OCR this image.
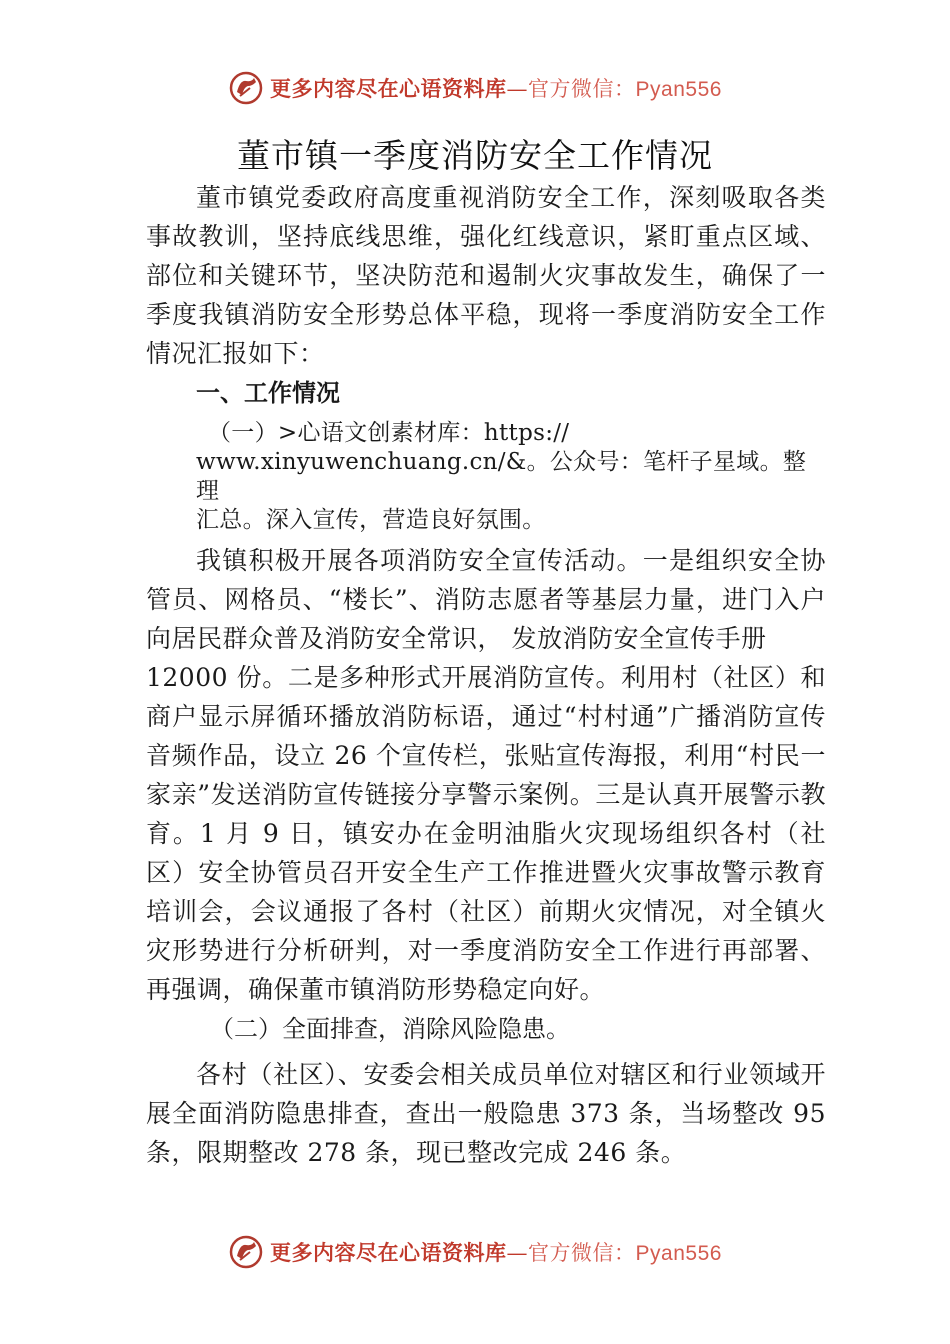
更多内容尽在心语资料库—官方微信：Pyan556
董市镇一季度消防安全工作情况

董市镇党委政府高度重视消防安全工作，深刻吸取各类事故教训，坚持底线思维，强化红线意识，紧盯重点区域、部位和关键环节，坚决防范和遏制火灾事故发生，确保了一季度我镇消防安全形势总体平稳，现将一季度消防安全工作情况汇报如下：

一、工作情况

（一）>心语文创素材库：https://
www.xinyuwenchuang.cn/&。公众号：笔杆子星域。整理
汇总。深入宣传，营造良好氛围。

我镇积极开展各项消防安全宣传活动。一是组织安全协管员、网格员、“楼长”、消防志愿者等基层力量，进门入户向居民群众普及消防安全常识， 发放消防安全宣传手册

12000 份。二是多种形式开展消防宣传。利用村（社区）和商户显示屏循环播放消防标语，通过“村村通”广播消防宣传音频作品，设立 26 个宣传栏，张贴宣传海报，利用“村民一家亲”发送消防宣传链接分享警示案例。三是认真开展警示教育。1 月 9 日，镇安办在金明油脂火灾现场组织各村（社区）安全协管员召开安全生产工作推进暨火灾事故警示教育培训会，会议通报了各村（社区）前期火灾情况，对全镇火灾形势进行分析研判，对一季度消防安全工作进行再部署、再强调，确保董市镇消防形势稳定向好。

（二）全面排查，消除风险隐患。

各村（社区）、安委会相关成员单位对辖区和行业领域开展全面消防隐患排查，查出一般隐患 373 条，当场整改 95 条，限期整改 278 条，现已整改完成 246 条。

更多内容尽在心语资料库—官方微信：Pyan556
